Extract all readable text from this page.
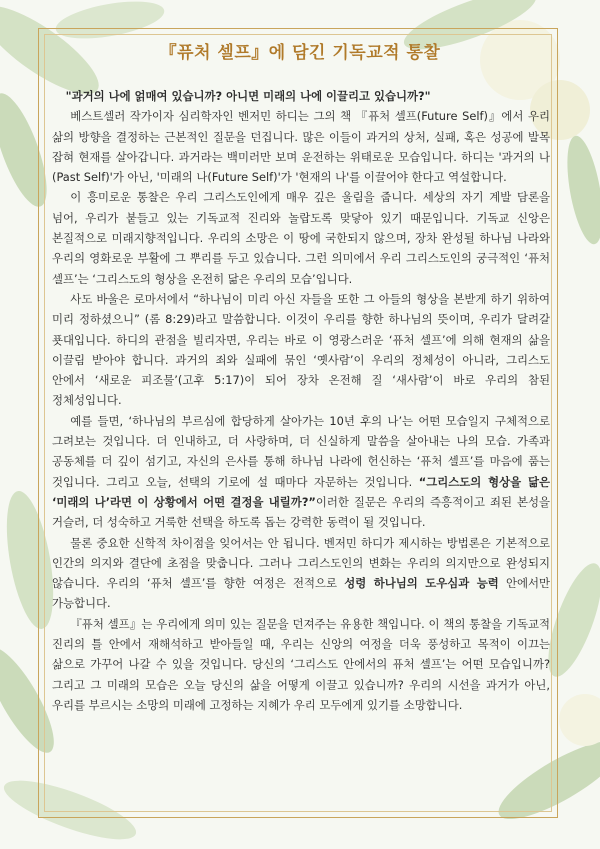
『퓨처 셀프』에 담긴 기독교적 통찰

"과거의 나에 얽매여 있습니까? 아니면 미래의 나에 이끌리고 있습니까?"

베스트셀러 작가이자 심리학자인 벤저민 하디는 그의 책 『퓨처 셀프(Future Self)』에서 우리 삶의 방향을 결정하는 근본적인 질문을 던집니다. 많은 이들이 과거의 상처, 실패, 혹은 성공에 발목 잡혀 현재를 살아갑니다. 과거라는 백미러만 보며 운전하는 위태로운 모습입니다. 하디는 '과거의 나(Past Self)'가 아닌, '미래의 나(Future Self)'가 '현재의 나'를 이끌어야 한다고 역설합니다.

이 흥미로운 통찰은 우리 그리스도인에게 매우 깊은 울림을 줍니다. 세상의 자기 계발 담론을 넘어, 우리가 붙들고 있는 기독교적 진리와 놀랍도록 맞닿아 있기 때문입니다. 기독교 신앙은 본질적으로 미래지향적입니다. 우리의 소망은 이 땅에 국한되지 않으며, 장차 완성될 하나님 나라와 우리의 영화로운 부활에 그 뿌리를 두고 있습니다. 그런 의미에서 우리 그리스도인의 궁극적인 ‘퓨처 셀프’는 ‘그리스도의 형상을 온전히 닮은 우리의 모습’입니다.

사도 바울은 로마서에서 “하나님이 미리 아신 자들을 또한 그 아들의 형상을 본받게 하기 위하여 미리 정하셨으니” (롬 8:29)라고 말씀합니다. 이것이 우리를 향한 하나님의 뜻이며, 우리가 달려갈 푯대입니다. 하디의 관점을 빌리자면, 우리는 바로 이 영광스러운 ‘퓨처 셀프’에 의해 현재의 삶을 이끌림 받아야 합니다. 과거의 죄와 실패에 묶인 ‘옛사람’이 우리의 정체성이 아니라, 그리스도 안에서 ‘새로운 피조물’(고후 5:17)이 되어 장차 온전해 질 ‘새사람’이 바로 우리의 참된 정체성입니다.

예를 들면, ‘하나님의 부르심에 합당하게 살아가는 10년 후의 나’는 어떤 모습일지 구체적으로 그려보는 것입니다. 더 인내하고, 더 사랑하며, 더 신실하게 말씀을 살아내는 나의 모습. 가족과 공동체를 더 깊이 섬기고, 자신의 은사를 통해 하나님 나라에 헌신하는 ‘퓨처 셀프’를 마음에 품는 것입니다. 그리고 오늘, 선택의 기로에 설 때마다 자문하는 것입니다. “그리스도의 형상을 닮은 ‘미래의 나’라면 이 상황에서 어떤 결정을 내릴까?”이러한 질문은 우리의 즉흥적이고 죄된 본성을 거슬러, 더 성숙하고 거룩한 선택을 하도록 돕는 강력한 동력이 될 것입니다.

물론 중요한 신학적 차이점을 잊어서는 안 됩니다. 벤저민 하디가 제시하는 방법론은 기본적으로 인간의 의지와 결단에 초점을 맞춥니다. 그러나 그리스도인의 변화는 우리의 의지만으로 완성되지 않습니다. 우리의 ‘퓨처 셀프’를 향한 여정은 전적으로 성령 하나님의 도우심과 능력 안에서만 가능합니다.

『퓨처 셀프』는 우리에게 의미 있는 질문을 던져주는 유용한 책입니다. 이 책의 통찰을 기독교적 진리의 틀 안에서 재해석하고 받아들일 때, 우리는 신앙의 여정을 더욱 풍성하고 목적이 이끄는 삶으로 가꾸어 나갈 수 있을 것입니다. 당신의 ‘그리스도 안에서의 퓨처 셀프’는 어떤 모습입니까? 그리고 그 미래의 모습은 오늘 당신의 삶을 어떻게 이끌고 있습니까? 우리의 시선을 과거가 아닌, 우리를 부르시는 소망의 미래에 고정하는 지혜가 우리 모두에게 있기를 소망합니다.
